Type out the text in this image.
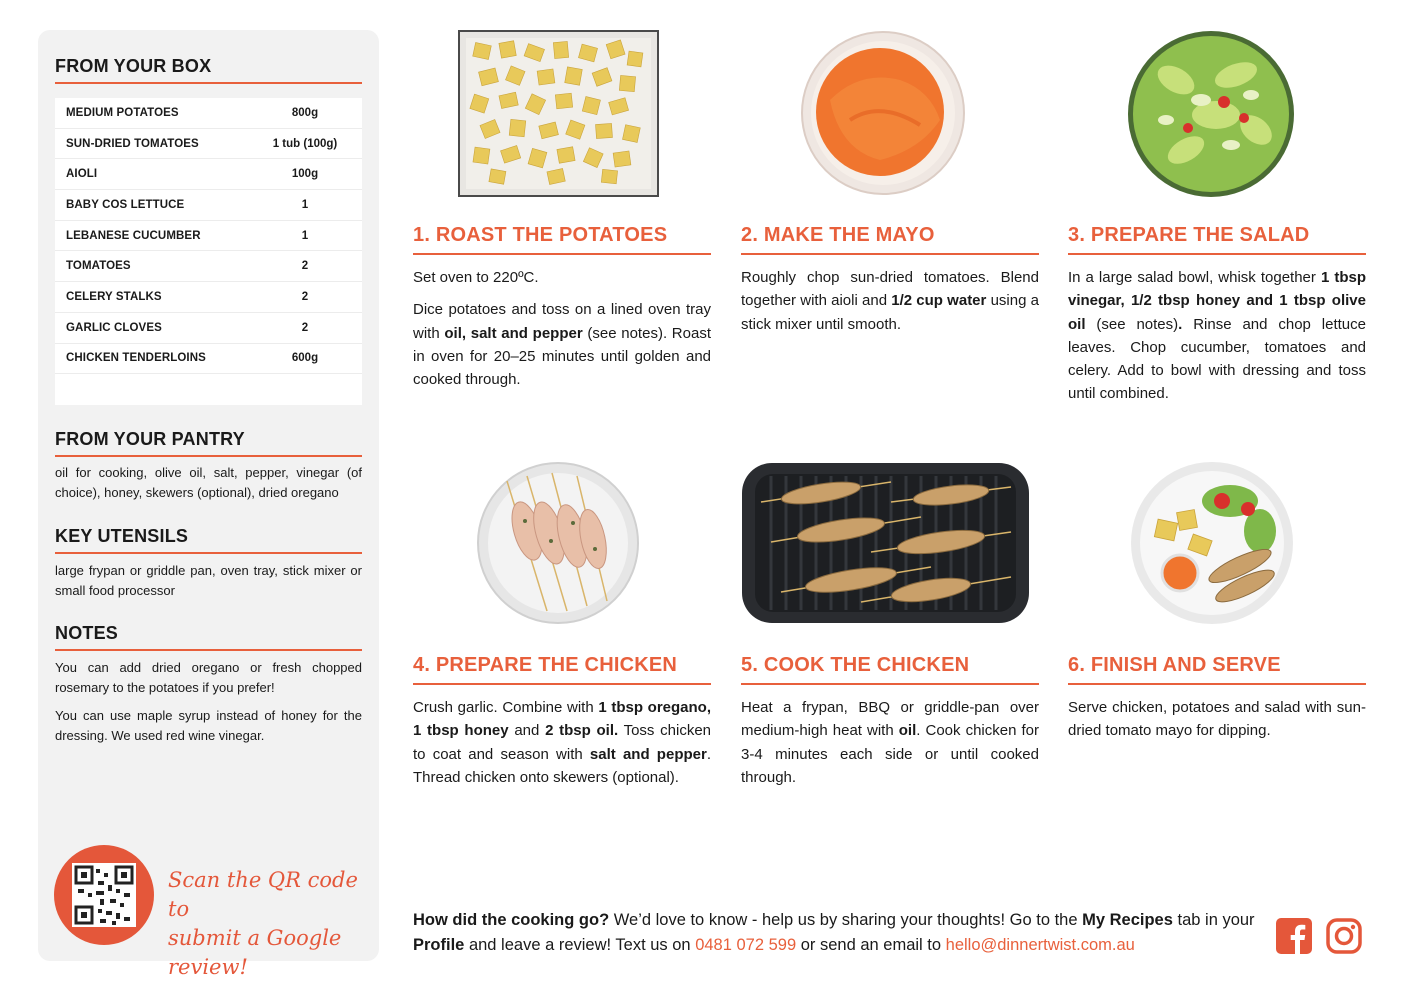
FROM YOUR BOX
MEDIUM POTATOES	800g
SUN-DRIED TOMATOES	1 tub (100g)
AIOLI	100g
BABY COS LETTUCE	1
LEBANESE CUCUMBER	1
TOMATOES	2
CELERY STALKS	2
GARLIC CLOVES	2
CHICKEN TENDERLOINS	600g
FROM YOUR PANTRY
oil for cooking, olive oil, salt, pepper, vinegar (of choice), honey, skewers (optional), dried oregano
KEY UTENSILS
large frypan or griddle pan, oven tray, stick mixer or small food processor
NOTES
You can add dried oregano or fresh chopped rosemary to the potatoes if you prefer!
You can use maple syrup instead of honey for the dressing. We used red wine vinegar.
Scan the QR code to
submit a Google review!
1. ROAST THE POTATOES

Set oven to 220ºC.

Dice potatoes and toss on a lined oven tray with oil, salt and pepper (see notes). Roast in oven for 20–25 minutes until golden and cooked through.

2. MAKE THE MAYO

Roughly chop sun-dried tomatoes. Blend together with aioli and 1/2 cup water using a stick mixer until smooth.

3. PREPARE THE SALAD

In a large salad bowl, whisk together 1 tbsp vinegar, 1/2 tbsp honey and 1 tbsp olive oil (see notes). Rinse and chop lettuce leaves. Chop cucumber, tomatoes and celery. Add to bowl with dressing and toss until combined.

4. PREPARE THE CHICKEN

Crush garlic. Combine with 1 tbsp oregano, 1 tbsp honey and 2 tbsp oil. Toss chicken to coat and season with salt and pepper. Thread chicken onto skewers (optional).

5. COOK THE CHICKEN

Heat a frypan, BBQ or griddle-pan over medium-high heat with oil. Cook chicken for 3-4 minutes each side or until cooked through.

6. FINISH AND SERVE

Serve chicken, potatoes and salad with sun-dried tomato mayo for dipping.

How did the cooking go? We’d love to know - help us by sharing your thoughts! Go to the My Recipes tab in your Profile and leave a review! Text us on 0481 072 599 or send an email to hello@dinnertwist.com.au
